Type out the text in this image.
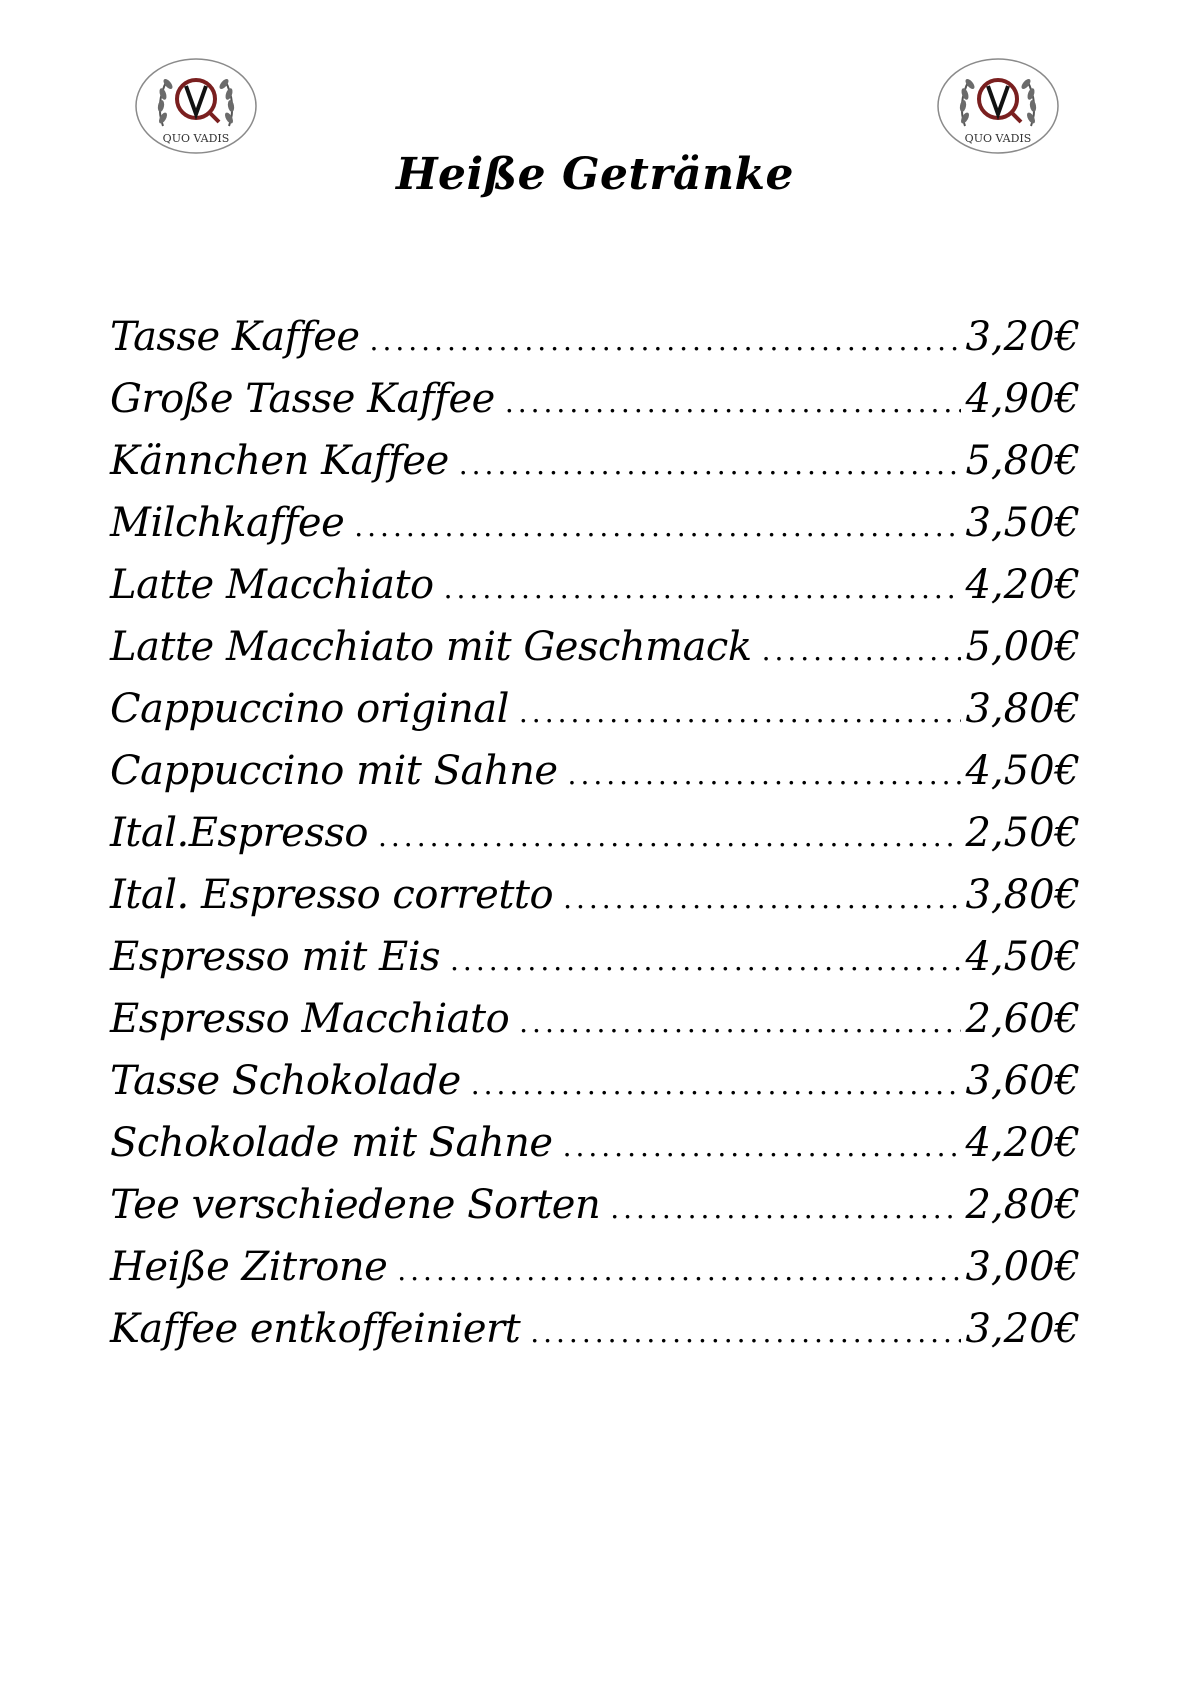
QUO VADIS	QUO VADIS
Heiße Getränke
Tasse Kaffee .....	3,20€
Große Tasse Kaffee .....	4,90€
Kännchen Kaffee .....	5,80€
Milchkaffee .....	3,50€
Latte Macchiato .....	4,20€
Latte Macchiato mit Geschmack .....	5,00€
Cappuccino original .....	3,80€
Cappuccino mit Sahne .....	4,50€
Ital.Espresso .....	2,50€
Ital. Espresso corretto .....	3,80€
Espresso mit Eis .....	4,50€
Espresso Macchiato .....	2,60€
Tasse Schokolade .....	3,60€
Schokolade mit Sahne .....	4,20€
Tee verschiedene Sorten .....	2,80€
Heiße Zitrone .....	3,00€
Kaffee entkoffeiniert .....	3,20€
